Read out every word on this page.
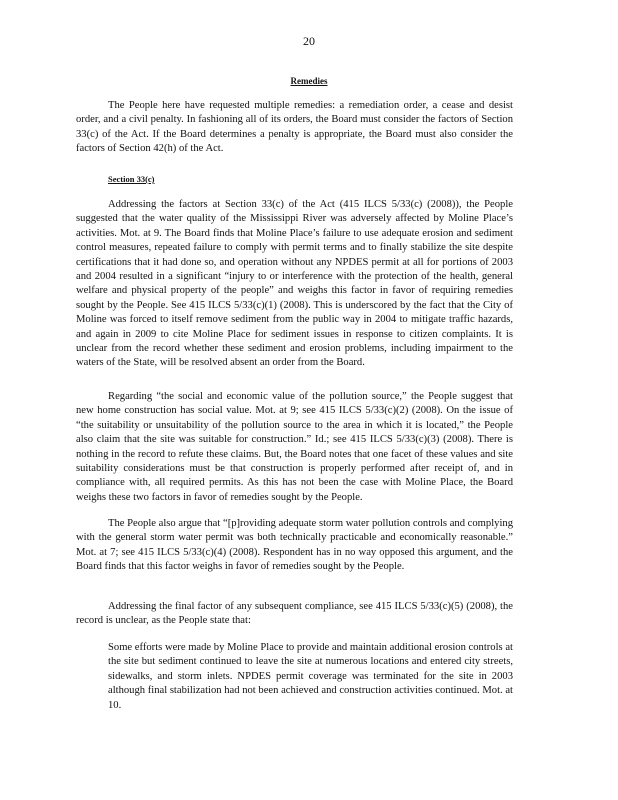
20
Remedies

The People here have requested multiple remedies: a remediation order, a cease and desist order, and a civil penalty. In fashioning all of its orders, the Board must consider the factors of Section 33(c) of the Act. If the Board determines a penalty is appropriate, the Board must also consider the factors of Section 42(h) of the Act.

Section 33(c)

Addressing the factors at Section 33(c) of the Act (415 ILCS 5/33(c) (2008)), the People suggested that the water quality of the Mississippi River was adversely affected by Moline Place’s activities. Mot. at 9. The Board finds that Moline Place’s failure to use adequate erosion and sediment control measures, repeated failure to comply with permit terms and to finally stabilize the site despite certifications that it had done so, and operation without any NPDES permit at all for portions of 2003 and 2004 resulted in a significant “injury to or interference with the protection of the health, general welfare and physical property of the people” and weighs this factor in favor of requiring remedies sought by the People. See 415 ILCS 5/33(c)(1) (2008). This is underscored by the fact that the City of Moline was forced to itself remove sediment from the public way in 2004 to mitigate traffic hazards, and again in 2009 to cite Moline Place for sediment issues in response to citizen complaints. It is unclear from the record whether these sediment and erosion problems, including impairment to the waters of the State, will be resolved absent an order from the Board.

Regarding “the social and economic value of the pollution source,” the People suggest that new home construction has social value. Mot. at 9; see 415 ILCS 5/33(c)(2) (2008). On the issue of “the suitability or unsuitability of the pollution source to the area in which it is located,” the People also claim that the site was suitable for construction.” Id.; see 415 ILCS 5/33(c)(3) (2008). There is nothing in the record to refute these claims. But, the Board notes that one facet of these values and site suitability considerations must be that construction is properly performed after receipt of, and in compliance with, all required permits. As this has not been the case with Moline Place, the Board weighs these two factors in favor of remedies sought by the People.

The People also argue that “[p]roviding adequate storm water pollution controls and complying with the general storm water permit was both technically practicable and economically reasonable.” Mot. at 7; see 415 ILCS 5/33(c)(4) (2008). Respondent has in no way opposed this argument, and the Board finds that this factor weighs in favor of remedies sought by the People.

Addressing the final factor of any subsequent compliance, see 415 ILCS 5/33(c)(5) (2008), the record is unclear, as the People state that:

Some efforts were made by Moline Place to provide and maintain additional erosion controls at the site but sediment continued to leave the site at numerous locations and entered city streets, sidewalks, and storm inlets. NPDES permit coverage was terminated for the site in 2003 although final stabilization had not been achieved and construction activities continued. Mot. at 10.
